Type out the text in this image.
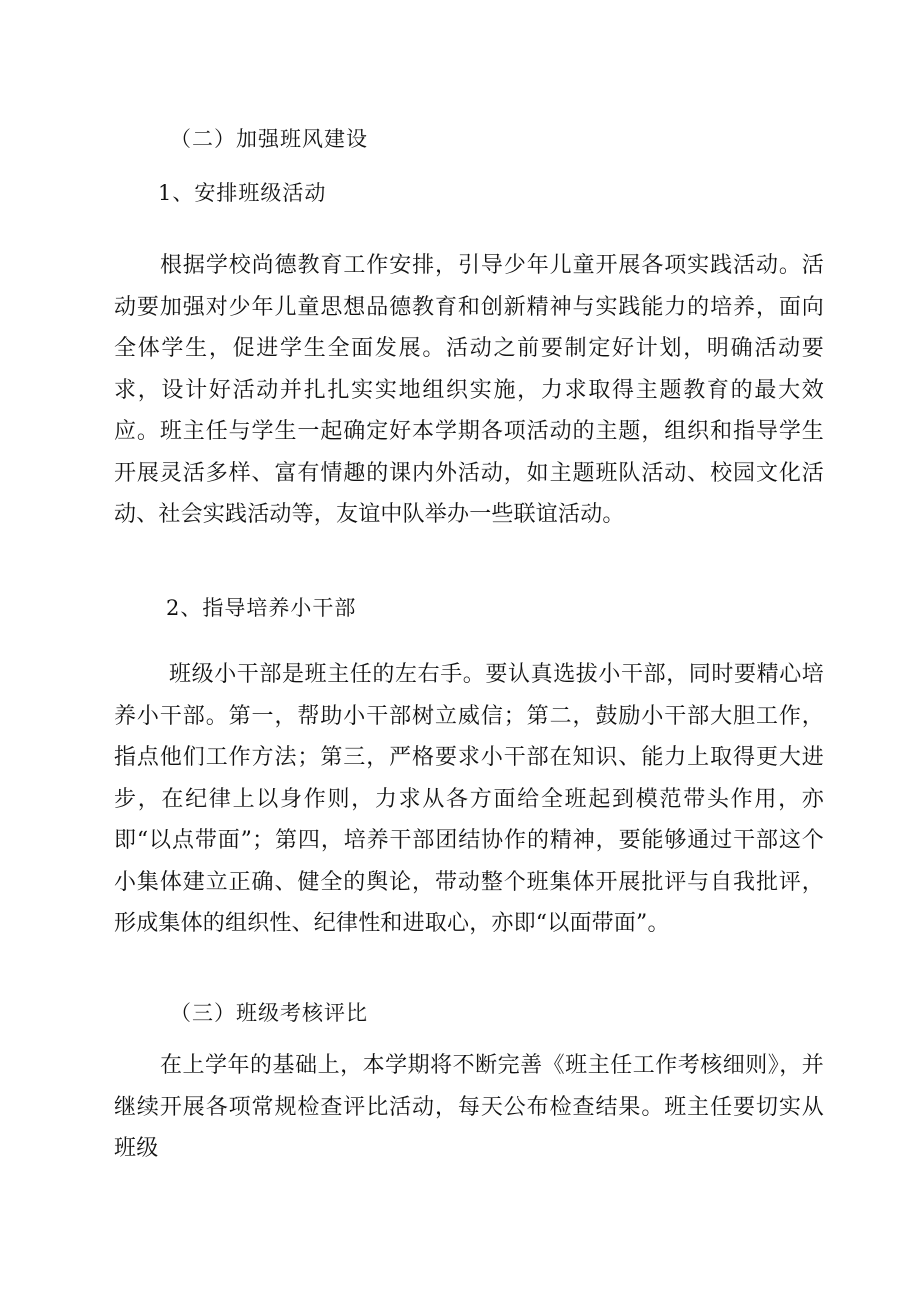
（二）加强班风建设
1、安排班级活动

根据学校尚德教育工作安排，引导少年儿童开展各项实践活动。活动要加强对少年儿童思想品德教育和创新精神与实践能力的培养，面向全体学生，促进学生全面发展。活动之前要制定好计划，明确活动要求，设计好活动并扎扎实实地组织实施，力求取得主题教育的最大效应。班主任与学生一起确定好本学期各项活动的主题，组织和指导学生开展灵活多样、富有情趣的课内外活动，如主题班队活动、校园文化活动、社会实践活动等，友谊中队举办一些联谊活动。

2、指导培养小干部

班级小干部是班主任的左右手。要认真选拔小干部，同时要精心培养小干部。第一，帮助小干部树立威信；第二，鼓励小干部大胆工作，指点他们工作方法；第三，严格要求小干部在知识、能力上取得更大进步，在纪律上以身作则，力求从各方面给全班起到模范带头作用，亦即“以点带面”；第四，培养干部团结协作的精神，要能够通过干部这个小集体建立正确、健全的舆论，带动整个班集体开展批评与自我批评，形成集体的组织性、纪律性和进取心，亦即“以面带面”。

（三）班级考核评比

在上学年的基础上，本学期将不断完善《班主任工作考核细则》，并继续开展各项常规检查评比活动，每天公布检查结果。班主任要切实从班级
